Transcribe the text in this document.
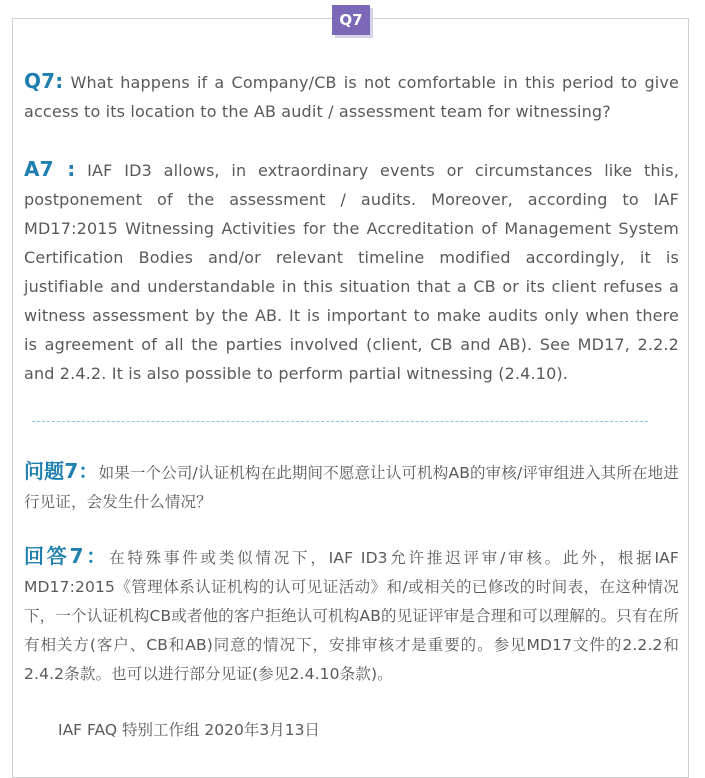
Q7
Q7: What happens if a Company/CB is not comfortable in this period to give access to its location to the AB audit / assessment team for witnessing?
A7 : IAF ID3 allows, in extraordinary events or circumstances like this, postponement of the assessment / audits. Moreover, according to IAF MD17:2015 Witnessing Activities for the Accreditation of Management System Certification Bodies and/or relevant timeline modified accordingly, it is justifiable and understandable in this situation that a CB or its client refuses a witness assessment by the AB. It is important to make audits only when there is agreement of all the parties involved (client, CB and AB). See MD17, 2.2.2 and 2.4.2. It is also possible to perform partial witnessing (2.4.10).
问题7：如果一个公司/认证机构在此期间不愿意让认可机构AB的审核/评审组进入其所在地进行见证，会发生什么情况？
回答7：在特殊事件或类似情况下，IAF ID3允许推迟评审/审核。此外，根据IAF MD17:2015《管理体系认证机构的认可见证活动》和/或相关的已修改的时间表，在这种情况下，一个认证机构CB或者他的客户拒绝认可机构AB的见证评审是合理和可以理解的。只有在所有相关方(客户、CB和AB)同意的情况下，安排审核才是重要的。参见MD17文件的2.2.2和2.4.2条款。也可以进行部分见证(参见2.4.10条款)。
IAF FAQ 特别工作组 2020年3月13日
